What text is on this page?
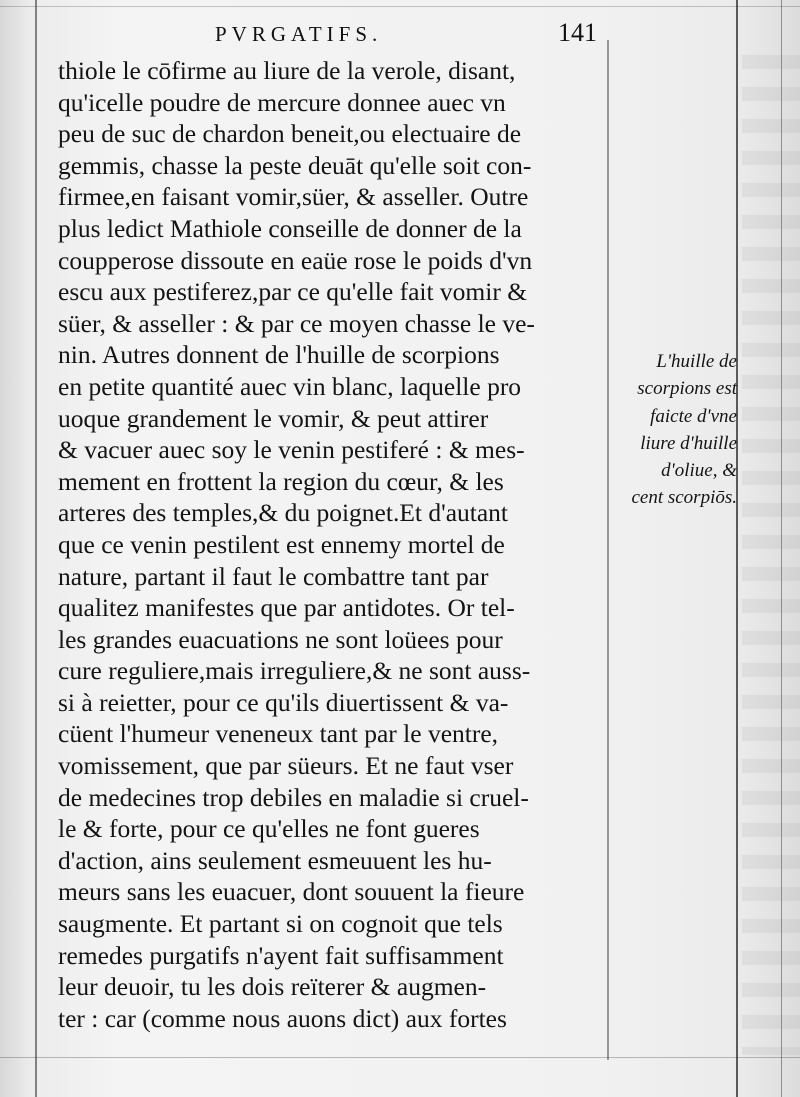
PVRGATIFS.	141
thiole le cōfirme au liure de la verole, disant,
qu'icelle poudre de mercure donnee auec vn
peu de suc de chardon beneit,ou electuaire de
gemmis, chasse la peste deuāt qu'elle soit con-
firmee,en faisant vomir,süer, & asseller. Outre
plus ledict Mathiole conseille de donner de la
coupperose dissoute en eaüe rose le poids d'vn
escu aux pestiferez,par ce qu'elle fait vomir &
süer, & asseller : & par ce moyen chasse le ve-
nin. Autres donnent de l'huille de scorpions
en petite quantité auec vin blanc, laquelle pro
uoque grandement le vomir, & peut attirer
& vacuer auec soy le venin pestiferé : & mes-
mement en frottent la region du cœur, & les
arteres des temples,& du poignet.Et d'autant
que ce venin pestilent est ennemy mortel de
nature, partant il faut le combattre tant par
qualitez manifestes que par antidotes. Or tel-
les grandes euacuations ne sont loüees pour
cure reguliere,mais irreguliere,& ne sont auss-
si à reietter, pour ce qu'ils diuertissent & va-
cüent l'humeur veneneux tant par le ventre,
vomissement, que par süeurs. Et ne faut vser
de medecines trop debiles en maladie si cruel-
le & forte, pour ce qu'elles ne font gueres
d'action, ains seulement esmeuuent les hu-
meurs sans les euacuer, dont souuent la fieure
saugmente. Et partant si on cognoit que tels
remedes purgatifs n'ayent fait suffisamment
leur deuoir, tu les dois reïterer & augmen-
ter : car (comme nous auons dict) aux fortes
L'huille de
scorpions est
faicte d'vne
liure d'huille
d'oliue, &
cent scorpiōs.
